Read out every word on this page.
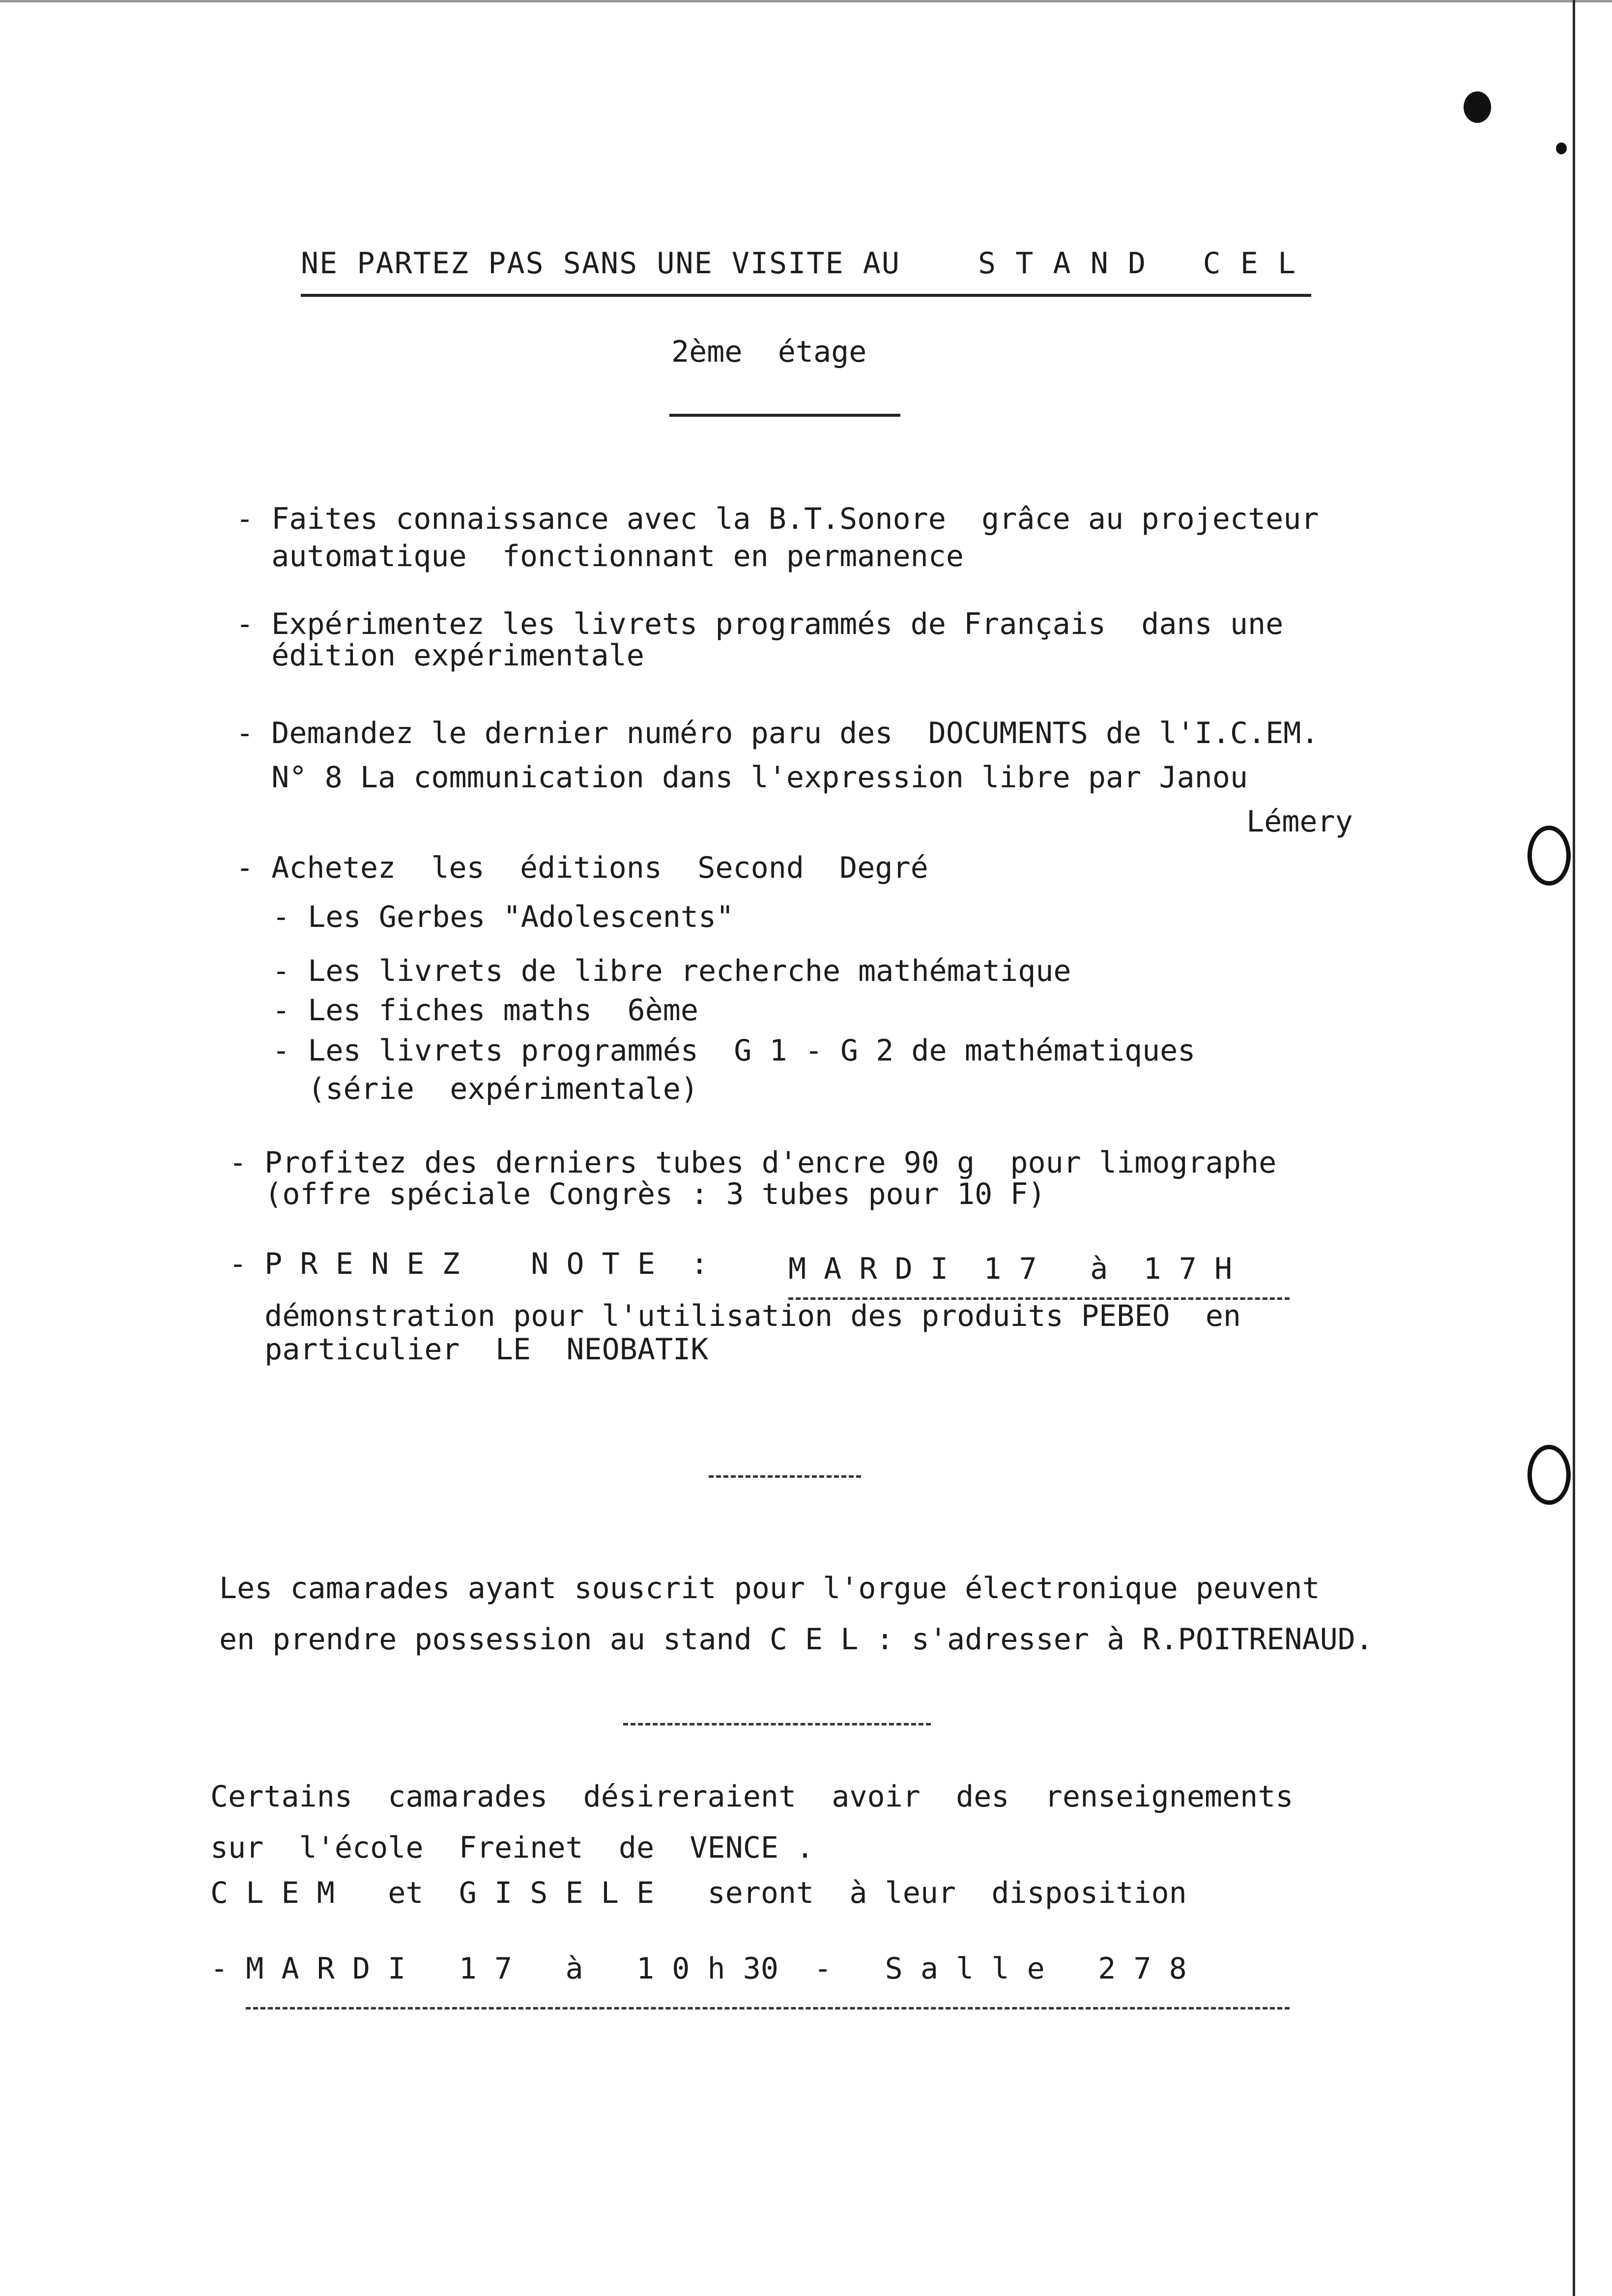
NE PARTEZ PAS SANS UNE VISITE AU	S T A N D   C E L
2ème  étage
- Faites connaissance avec la B.T.Sonore  grâce au projecteur
automatique  fonctionnant en permanence
- Expérimentez les livrets programmés de Français  dans une
édition expérimentale
- Demandez le dernier numéro paru des  DOCUMENTS de l'I.C.EM.
N° 8 La communication dans l'expression libre par Janou
Lémery
- Achetez  les  éditions  Second  Degré
- Les Gerbes "Adolescents"
- Les livrets de libre recherche mathématique
- Les fiches maths  6ème
- Les livrets programmés  G 1 - G 2 de mathématiques
(série  expérimentale)
- Profitez des derniers tubes d'encre 90 g  pour limographe
(offre spéciale Congrès : 3 tubes pour 10 F)
- P R E N E Z    N O T E  :	M A R D I  1 7   à  1 7 H
démonstration pour l'utilisation des produits PEBEO  en
particulier  LE  NEOBATIK
Les camarades ayant souscrit pour l'orgue électronique peuvent
en prendre possession au stand C E L : s'adresser à R.POITRENAUD.
Certains  camarades  désireraient  avoir  des  renseignements
sur  l'école  Freinet  de  VENCE .
C L E M   et  G I S E L E   seront  à leur  disposition
- M A R D I   1 7   à   1 0 h 30  -   S a l l e   2 7 8
